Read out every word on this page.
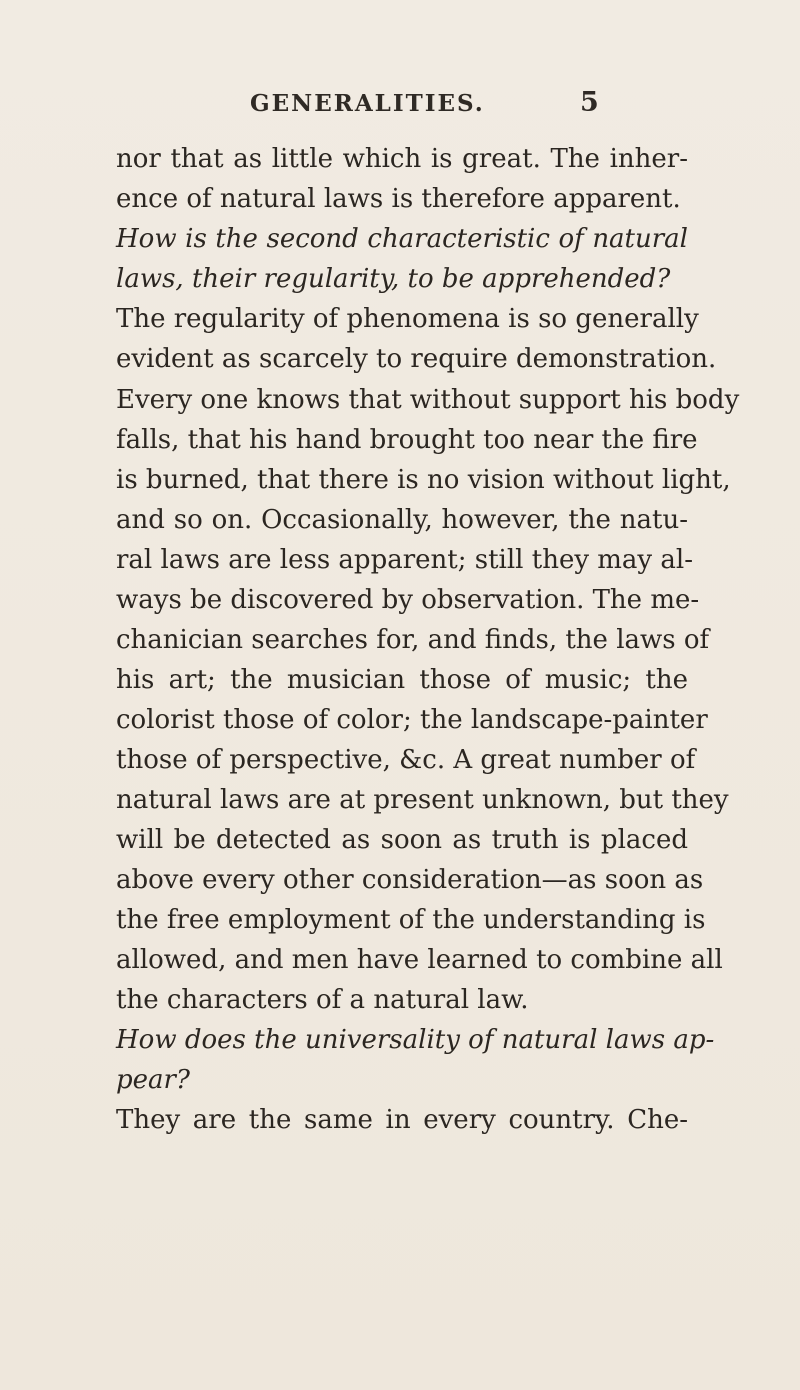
GENERALITIES.	5
nor that as little which is great. The inher-
ence of natural laws is therefore apparent.
How is the second characteristic of natural
laws, their regularity, to be apprehended?
The regularity of phenomena is so generally
evident as scarcely to require demonstration.
Every one knows that without support his body
falls, that his hand brought too near the fire
is burned, that there is no vision without light,
and so on. Occasionally, however, the natu-
ral laws are less apparent; still they may al-
ways be discovered by observation. The me-
chanician searches for, and finds, the laws of
his art; the musician those of music; the
colorist those of color; the landscape-painter
those of perspective, &c. A great number of
natural laws are at present unknown, but they
will be detected as soon as truth is placed
above every other consideration—as soon as
the free employment of the understanding is
allowed, and men have learned to combine all
the characters of a natural law.
How does the universality of natural laws ap-
pear?
They are the same in every country. Che-
